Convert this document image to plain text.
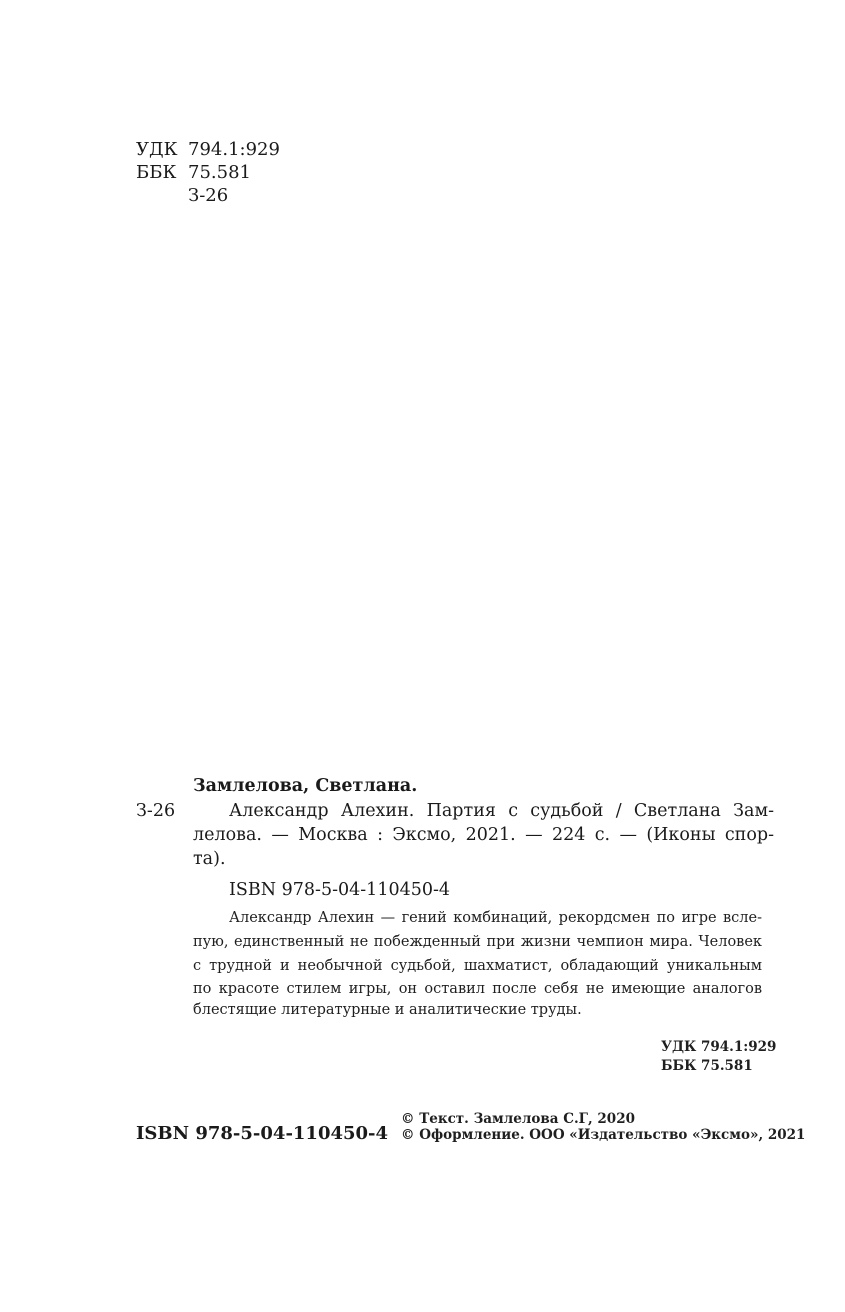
УДК 794.1:929
ББК 75.581
З-26
Замлелова, Светлана.
З-26	Александр Алехин. Партия с судьбой / Светлана Зам-
лелова. — Москва : Эксмо, 2021. — 224 с. — (Иконы спор-
та).
ISBN 978-5-04-110450-4
Александр Алехин — гений комбинаций, рекордсмен по игре всле-
пую, единственный не побежденный при жизни чемпион мира. Человек
с трудной и необычной судьбой, шахматист, обладающий уникальным
по красоте стилем игры, он оставил после себя не имеющие аналогов
блестящие литературные и аналитические труды.
УДК 794.1:929
ББК 75.581
ISBN 978-5-04-110450-4
© Текст. Замлелова С.Г, 2020
© Оформление. ООО «Издательство «Эксмо», 2021
